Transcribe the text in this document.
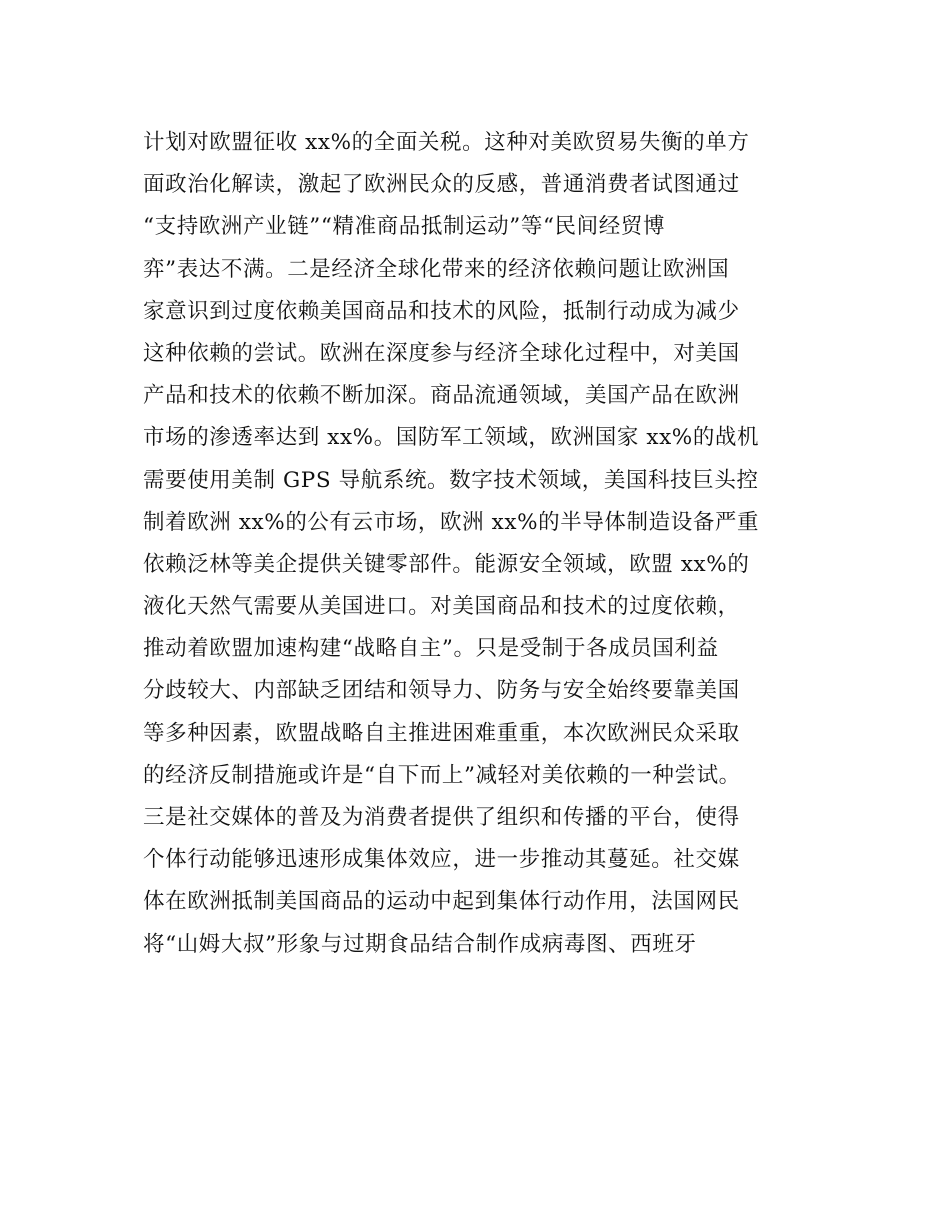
计划对欧盟征收 xx%的全面关税。这种对美欧贸易失衡的单方
面政治化解读，激起了欧洲民众的反感，普通消费者试图通过
“支持欧洲产业链”“精准商品抵制运动”等“民间经贸博
弈”表达不满。二是经济全球化带来的经济依赖问题让欧洲国
家意识到过度依赖美国商品和技术的风险，抵制行动成为减少
这种依赖的尝试。欧洲在深度参与经济全球化过程中，对美国
产品和技术的依赖不断加深。商品流通领域，美国产品在欧洲
市场的渗透率达到 xx%。国防军工领域，欧洲国家 xx%的战机
需要使用美制 GPS 导航系统。数字技术领域，美国科技巨头控
制着欧洲 xx%的公有云市场，欧洲 xx%的半导体制造设备严重
依赖泛林等美企提供关键零部件。能源安全领域，欧盟 xx%的
液化天然气需要从美国进口。对美国商品和技术的过度依赖，
推动着欧盟加速构建“战略自主”。只是受制于各成员国利益
分歧较大、内部缺乏团结和领导力、防务与安全始终要靠美国
等多种因素，欧盟战略自主推进困难重重，本次欧洲民众采取
的经济反制措施或许是“自下而上”减轻对美依赖的一种尝试。
三是社交媒体的普及为消费者提供了组织和传播的平台，使得
个体行动能够迅速形成集体效应，进一步推动其蔓延。社交媒
体在欧洲抵制美国商品的运动中起到集体行动作用，法国网民
将“山姆大叔”形象与过期食品结合制作成病毒图、西班牙
